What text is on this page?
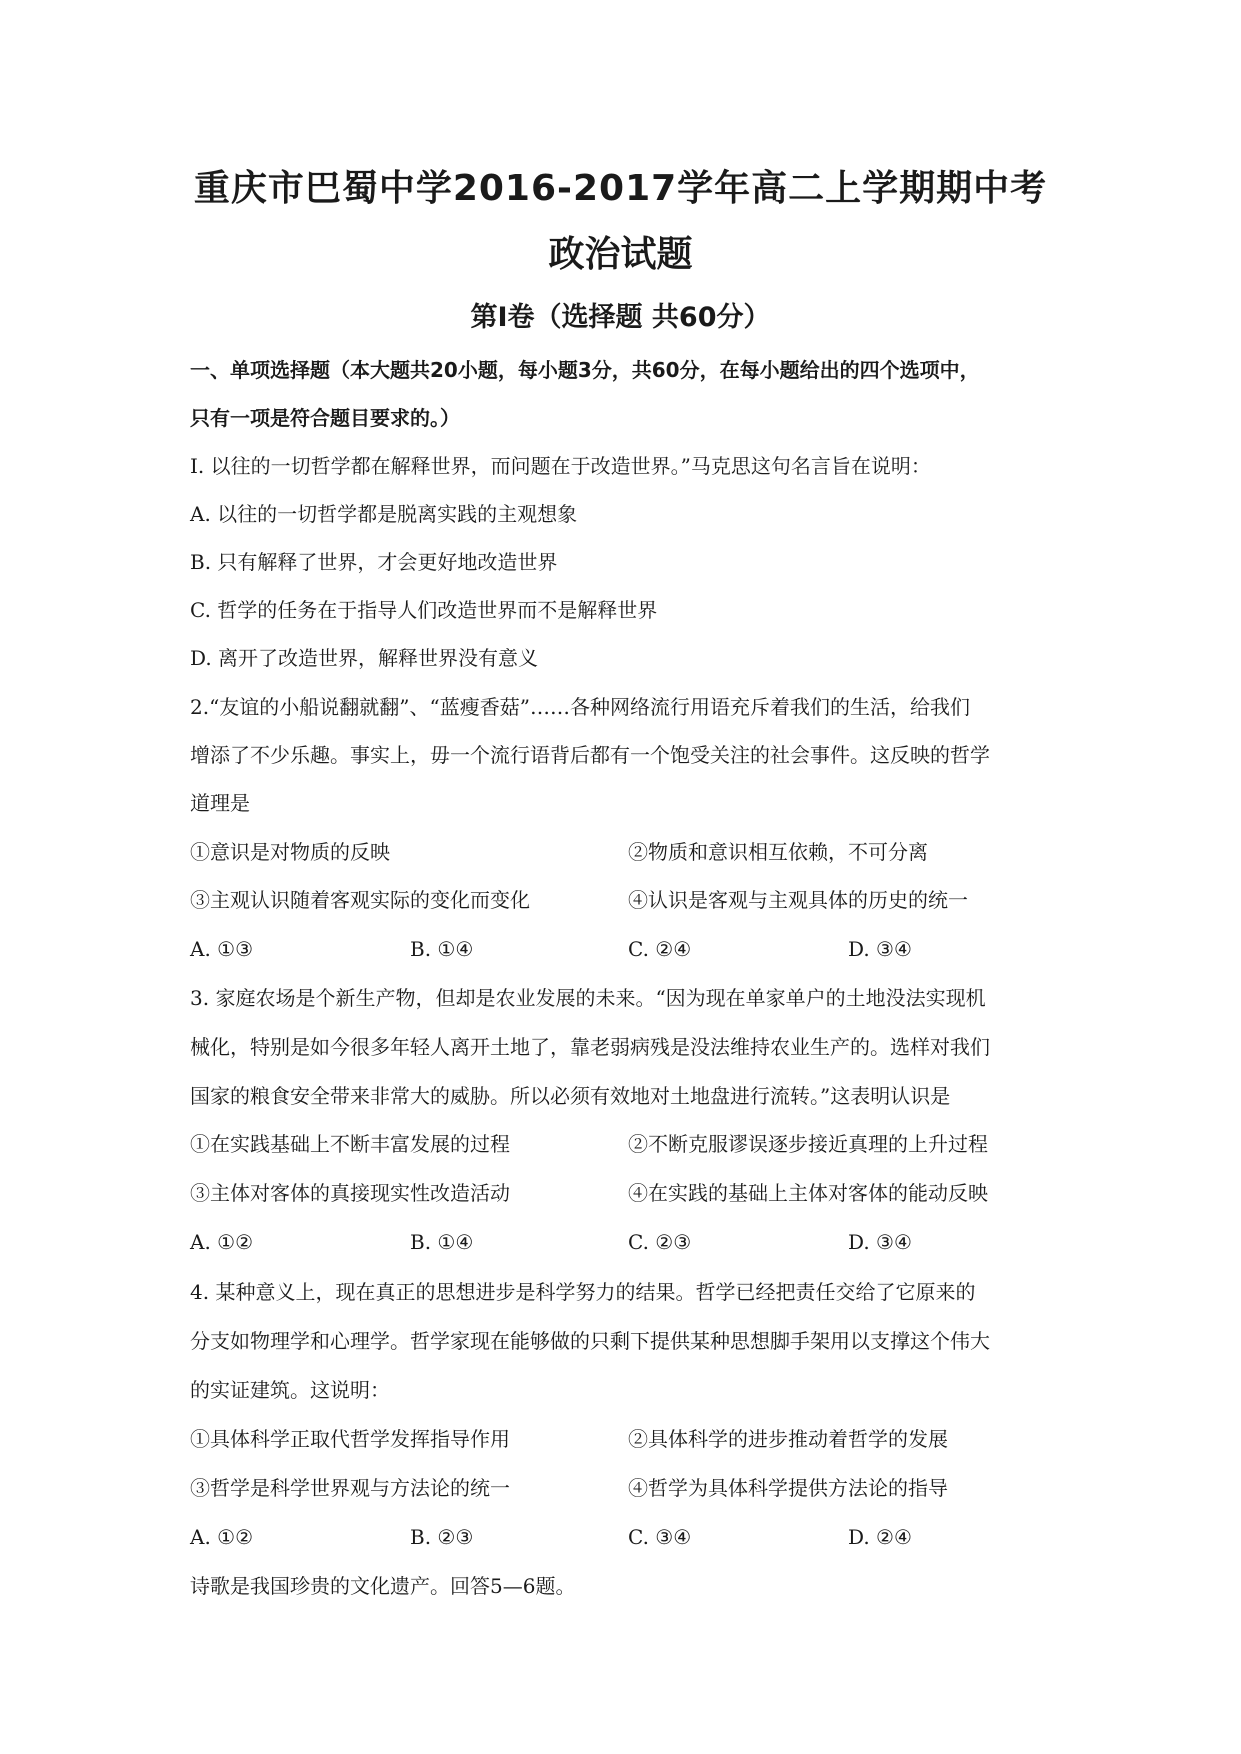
重庆市巴蜀中学2016-2017学年高二上学期期中考
政治试题
第I卷（选择题 共60分）
一、单项选择题（本大题共20小题，每小题3分，共60分，在每小题给出的四个选项中，
只有一项是符合题目要求的。）
I. 以往的一切哲学都在解释世界，而问题在于改造世界。”马克思这句名言旨在说明：
A. 以往的一切哲学都是脱离实践的主观想象
B. 只有解释了世界，才会更好地改造世界
C. 哲学的任务在于指导人们改造世界而不是解释世界
D. 离开了改造世界，解释世界没有意义
2.“友谊的小船说翻就翻”、“蓝瘦香菇”……各种网络流行用语充斥着我们的生活，给我们
增添了不少乐趣。事实上，毋一个流行语背后都有一个饱受关注的社会事件。这反映的哲学
道理是
①意识是对物质的反映	②物质和意识相互依赖，不可分离
③主观认识随着客观实际的变化而变化	④认识是客观与主观具体的历史的统一
A. ①③	B. ①④	C. ②④	D. ③④
3. 家庭农场是个新生产物，但却是农业发展的未来。“因为现在单家单户的土地没法实现机
械化，特别是如今很多年轻人离开土地了，靠老弱病残是没法维持农业生产的。选样对我们
国家的粮食安全带来非常大的威胁。所以必须有效地对土地盘进行流转。”这表明认识是
①在实践基础上不断丰富发展的过程	②不断克服谬误逐步接近真理的上升过程
③主体对客体的真接现实性改造活动	④在实践的基础上主体对客体的能动反映
A. ①②	B. ①④	C. ②③	D. ③④
4. 某种意义上，现在真正的思想进步是科学努力的结果。哲学已经把责任交给了它原来的
分支如物理学和心理学。哲学家现在能够做的只剩下提供某种思想脚手架用以支撑这个伟大
的实证建筑。这说明：
①具体科学正取代哲学发挥指导作用	②具体科学的进步推动着哲学的发展
③哲学是科学世界观与方法论的统一	④哲学为具体科学提供方法论的指导
A. ①②	B. ②③	C. ③④	D. ②④
诗歌是我国珍贵的文化遗产。回答5—6题。
